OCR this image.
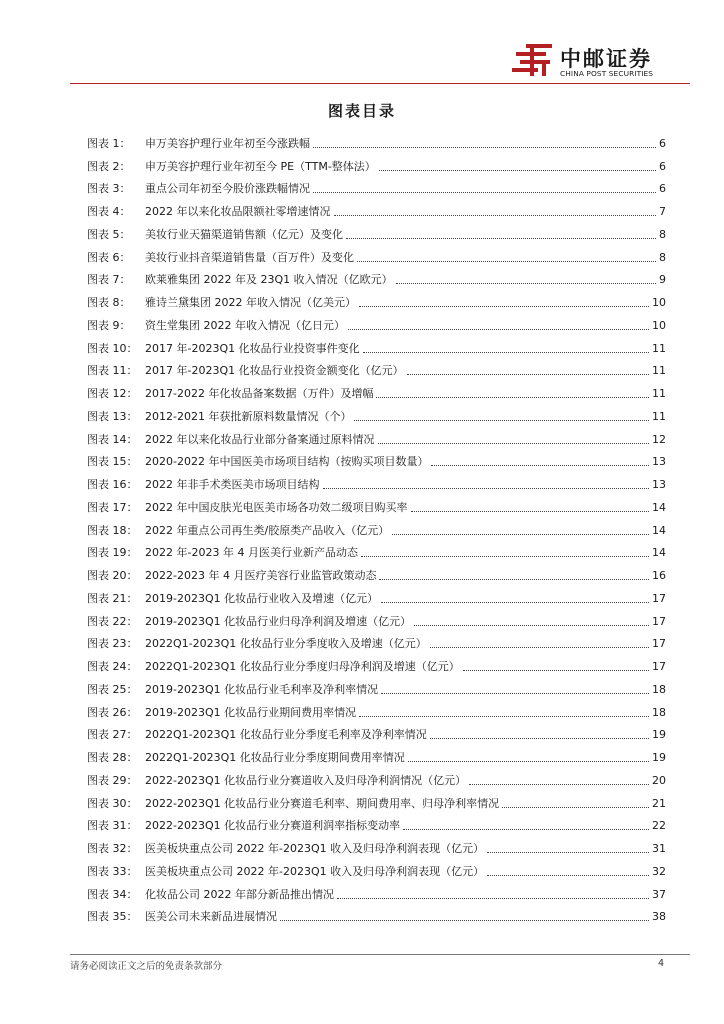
中邮证券
CHINA POST SECURITIES
图表目录
图表 1：	申万美容护理行业年初至今涨跌幅	6
图表 2：	申万美容护理行业年初至今 PE（TTM-整体法）	6
图表 3：	重点公司年初至今股价涨跌幅情况	6
图表 4：	2022 年以来化妆品限额社零增速情况	7
图表 5：	美妆行业天猫渠道销售额（亿元）及变化	8
图表 6：	美妆行业抖音渠道销售量（百万件）及变化	8
图表 7：	欧莱雅集团 2022 年及 23Q1 收入情况（亿欧元）	9
图表 8：	雅诗兰黛集团 2022 年收入情况（亿美元）	10
图表 9：	资生堂集团 2022 年收入情况（亿日元）	10
图表 10： 2017 年-2023Q1 化妆品行业投资事件变化	11
图表 11： 2017 年-2023Q1 化妆品行业投资金额变化（亿元）	11
图表 12： 2017-2022 年化妆品备案数据（万件）及增幅	11
图表 13： 2012-2021 年获批新原料数量情况（个）	11
图表 14： 2022 年以来化妆品行业部分备案通过原料情况	12
图表 15： 2020-2022 年中国医美市场项目结构（按购买项目数量）	13
图表 16： 2022 年非手术类医美市场项目结构	13
图表 17： 2022 年中国皮肤光电医美市场各功效二级项目购买率	14
图表 18： 2022 年重点公司再生类/胶原类产品收入（亿元）	14
图表 19： 2022 年-2023 年 4 月医美行业新产品动态	14
图表 20： 2022-2023 年 4 月医疗美容行业监管政策动态	16
图表 21： 2019-2023Q1 化妆品行业收入及增速（亿元）	17
图表 22： 2019-2023Q1 化妆品行业归母净利润及增速（亿元）	17
图表 23： 2022Q1-2023Q1 化妆品行业分季度收入及增速（亿元）	17
图表 24： 2022Q1-2023Q1 化妆品行业分季度归母净利润及增速（亿元）	17
图表 25： 2019-2023Q1 化妆品行业毛利率及净利率情况	18
图表 26： 2019-2023Q1 化妆品行业期间费用率情况	18
图表 27： 2022Q1-2023Q1 化妆品行业分季度毛利率及净利率情况	19
图表 28： 2022Q1-2023Q1 化妆品行业分季度期间费用率情况	19
图表 29： 2022-2023Q1 化妆品行业分赛道收入及归母净利润情况（亿元）	20
图表 30： 2022-2023Q1 化妆品行业分赛道毛利率、期间费用率、归母净利率情况	21
图表 31： 2022-2023Q1 化妆品行业分赛道利润率指标变动率	22
图表 32： 医美板块重点公司 2022 年-2023Q1 收入及归母净利润表现（亿元）	31
图表 33： 医美板块重点公司 2022 年-2023Q1 收入及归母净利润表现（亿元）	32
图表 34： 化妆品公司 2022 年部分新品推出情况	37
图表 35： 医美公司未来新品进展情况	38
请务必阅读正文之后的免责条款部分	4
